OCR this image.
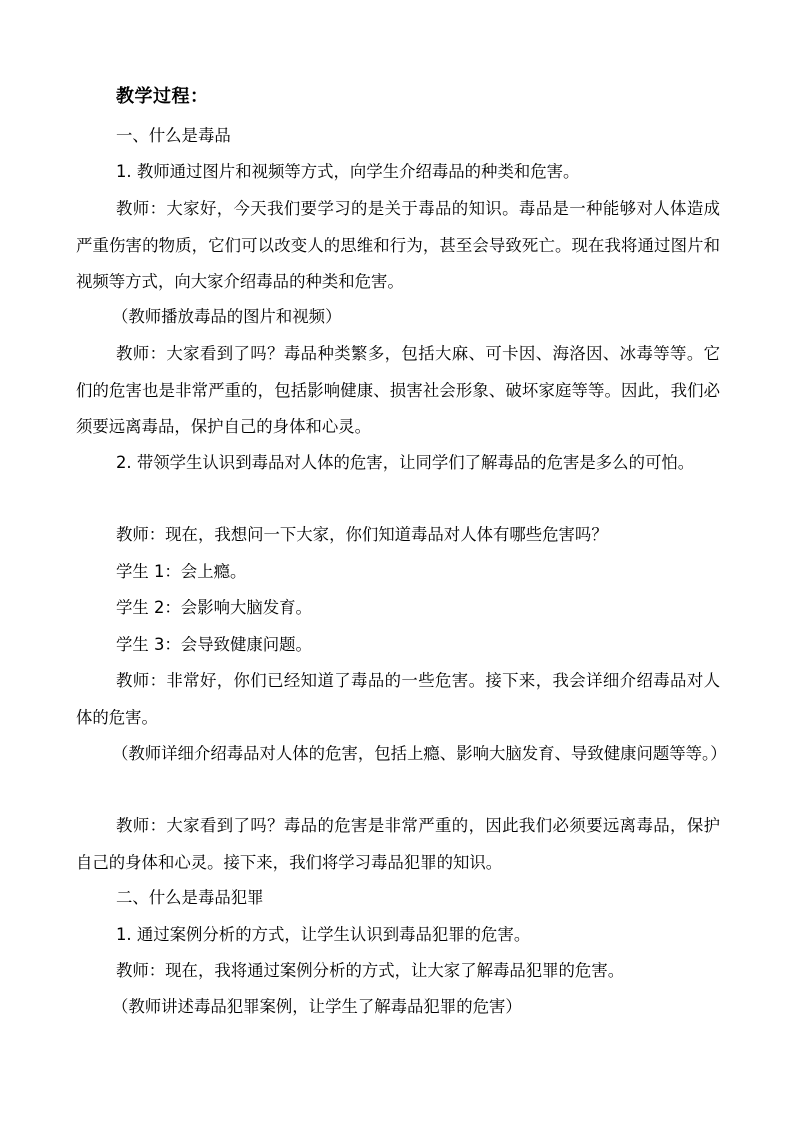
教学过程：

一、什么是毒品

1. 教师通过图片和视频等方式，向学生介绍毒品的种类和危害。

教师：大家好，今天我们要学习的是关于毒品的知识。毒品是一种能够对人体造成严重伤害的物质，它们可以改变人的思维和行为，甚至会导致死亡。现在我将通过图片和视频等方式，向大家介绍毒品的种类和危害。

（教师播放毒品的图片和视频）

教师：大家看到了吗？毒品种类繁多，包括大麻、可卡因、海洛因、冰毒等等。它们的危害也是非常严重的，包括影响健康、损害社会形象、破坏家庭等等。因此，我们必须要远离毒品，保护自己的身体和心灵。

2. 带领学生认识到毒品对人体的危害，让同学们了解毒品的危害是多么的可怕。

教师：现在，我想问一下大家，你们知道毒品对人体有哪些危害吗？

学生 1：会上瘾。

学生 2：会影响大脑发育。

学生 3：会导致健康问题。

教师：非常好，你们已经知道了毒品的一些危害。接下来，我会详细介绍毒品对人体的危害。

（教师详细介绍毒品对人体的危害，包括上瘾、影响大脑发育、导致健康问题等等。）

教师：大家看到了吗？毒品的危害是非常严重的，因此我们必须要远离毒品，保护自己的身体和心灵。接下来，我们将学习毒品犯罪的知识。

二、什么是毒品犯罪

1. 通过案例分析的方式，让学生认识到毒品犯罪的危害。

教师：现在，我将通过案例分析的方式，让大家了解毒品犯罪的危害。

（教师讲述毒品犯罪案例，让学生了解毒品犯罪的危害）
